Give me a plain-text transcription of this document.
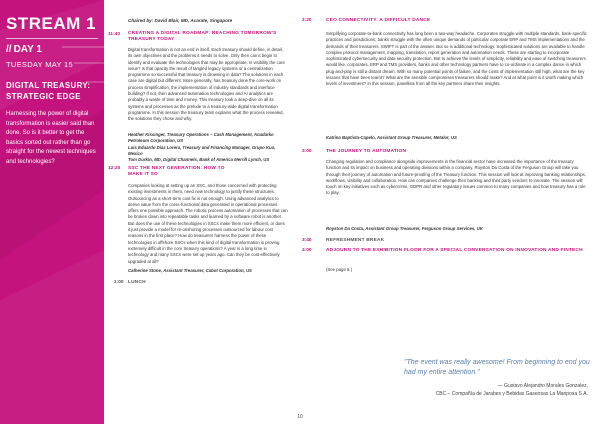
STREAM 1
// DAY 1
TUESDAY MAY 15
DIGITAL TREASURY:
STRATEGIC EDGE
Harnessing the power of digital transformation is easier said than done. So is it better to get the basics sorted out rather than go straight for the newest techniques and technologies?
Chaired by: David Blair, MD, Acarate, Singapore
11:40 CREATING A DIGITAL ROADMAP: REACHING TOMORROW'S TREASURY TODAY
Digital transformation is not an end in itself. Each treasury should define, in detail, its own objectives and the problems it needs to solve. Only then can it begin to identify and evaluate the technologies that may be appropriate. Is visibility the core issue? Is that opacity the result of tangled legacy systems or a centralization programme so successful that treasury is drowning in data? The solutions in each case are digital but different. More generally, has treasury done the core-work on process simplification, the implementation of industry standards and interface building? If not, then advanced automation technologies and AI analytics are probably a waste of time and money. This treasury took a deep-dive on all its systems and processes as the prelude to a treasury-wide digital transformation programme. In this session the treasury team explains what the process revealed, the solutions they chose and why.
Heather Kissinger, Treasury Operations – Cash Management, Anadarko Petroleum Corporation, US
Luis Eduardo Diaz Lorera, Treasury and Financing Manager, Grupo Kuo, Mexico
Tom Durkin, MD, Digital Channels, Bank of America Merrill Lynch, US
12:20 SSC THE NEXT GENERATION: HOW TO MAKE IT SO
Companies looking at setting up an SSC, and those concerned with protecting existing investments in them, need new technology to justify these structures. Outsourcing as a short-term cost fix is not enough. Using advanced analytics to derive value from the cross-functional data generated in operational processes offers one possible approach. The robotic process automation of processes that can be broken down into repeatable tasks and learned by a software robot is another. But does the use of these technologies in SSCs make them more efficient, or does it just provide a model for re-onshoring processes outsourced for labour cost reasons in the first place? How do treasurers harness the power of these technologies in offshore SSCs when this kind of digital transformation is proving extremely difficult in the core treasury operations? A year is a long time in technology and many SSCs were set up years ago. Can they be cost-effectively upgraded at all?
Catherine Stone, Assistant Treasurer, Cabot Corporation, US
1:00 LUNCH
2:20	CEO CONNECTIVITY: A DIFFICULT DANCE
Simplifying corporate-to-bank connectivity has long been a two-way headache. Corporates struggle with multiple standards, bank-specific practices and jurisdictions; banks struggle with the often unique demands of particular corporate ERP and TMS implementations and the demands of their treasurers. SWIFT is part of the answer. But so is additional technology. Sophisticated solutions are available to handle complex protocol management, mapping, translation, report generation and automation needs. These are starting to incorporate sophisticated cybersecurity and data security protection. But to achieve the levels of simplicity, reliability and ease of switching treasurers would like, corporates, ERP and TMS providers, banks and other technology partners have to co-ordinate in a complex dance in which plug-and-play is still a distant dream. With so many potential points of failure, and the costs of implementation still high, what are the key lessons that have been learnt? What are the sensible compromises treasurers should make? And at what point is it worth making which levels of investment? In this session, panellists from all the key partners share their insights.
Katrina Baptista-Capelo, Assistant Group Treasurer, Metalor, US
3:00	THE JOURNEY TO AUTOMATION
Changing regulation and compliance alongside improvements in the financial sector have increased the importance of the treasury function and its impact on business and operating divisions within a company. Royston Da Costa of the Ferguson Group will take you through their journey of automation and future-proofing of the Treasury function. This session will look at improving banking relationships, workflows, visibility and collaboration. How can companies challenge their banking and third party vendors to innovate. The session will touch on key initiatives such as cybercrime, GDPR and other regulatory issues common to many companies and how treasury has a role to play.
Royston Da Costa, Assistant Group Treasurer, Ferguson Group Services, UK
3:40	REFRESHMENT BREAK
4:00	ADJOURN TO THE EXHIBITION FLOOR FOR A SPECIAL CONVERSATION ON INNOVATION AND FINTECH
(See page 6.)
"The event was really awesome! From beginning to end you had my entire attention."
— Gustavo Alejandro Morales Gonzalez,
CBC – Compañía de Jarabes y Bebidas Gaseosas La Mariposa S.A.
10
